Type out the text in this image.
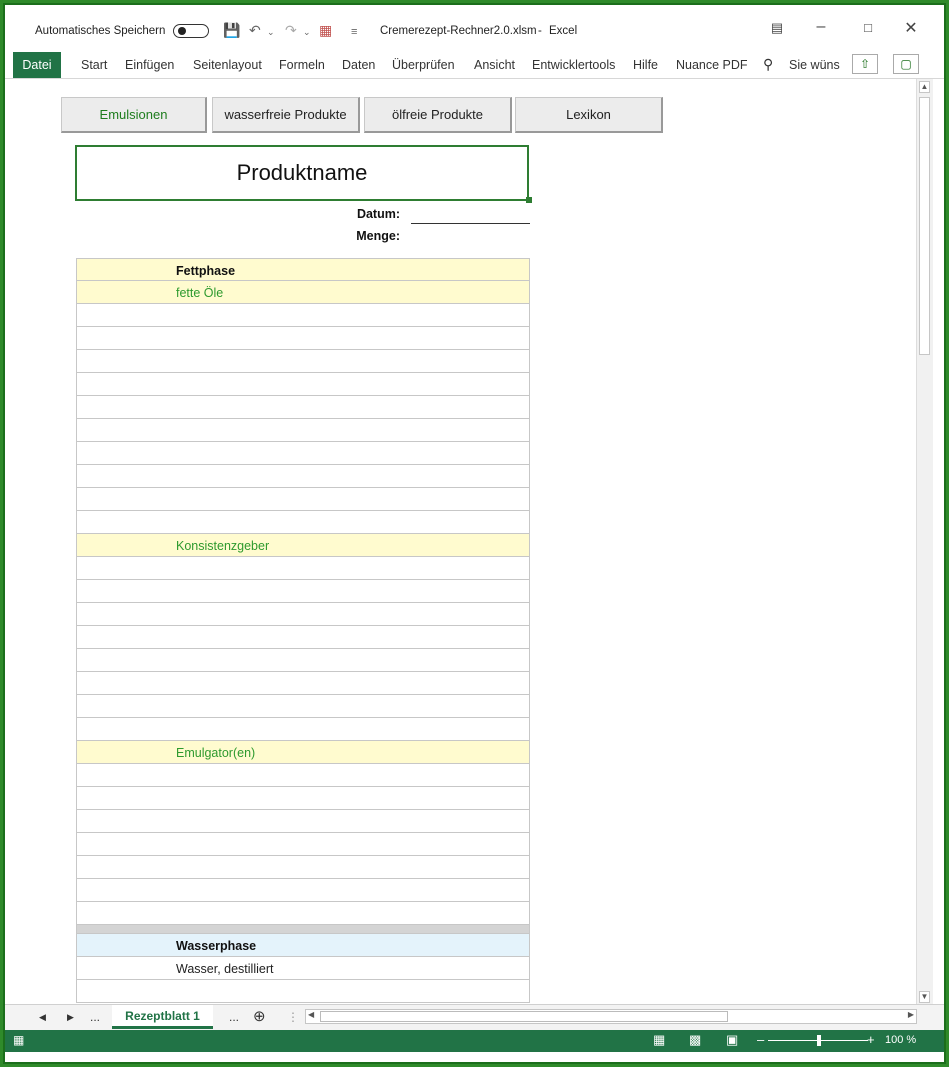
Automatisches Speichern	💾 ↶ ⌄ ↷ ⌄ ▦ ≡ Cremerezept-Rechner2.0.xlsm - Excel	▤	–	□	✕
Start Einfügen Seitenlayout Formeln Daten Überprüfen Ansicht Entwicklertools Hilfe Nuance PDF ⚲ Sie wüns	⇧	▢
Datei
Emulsionen	wasserfreie Produkte	ölfreie Produkte	Lexikon
Produktname
Datum:
Menge:
Fettphase
fette Öle
Konsistenzgeber
Emulgator(en)
Wasserphase
Wasser, destilliert
▲
▼
◀ ▶ ...	Rezeptblatt 1	... ⊕ ⋮ ◀	▶
▦	▦ ▩ ▣ –	+ 100 %
